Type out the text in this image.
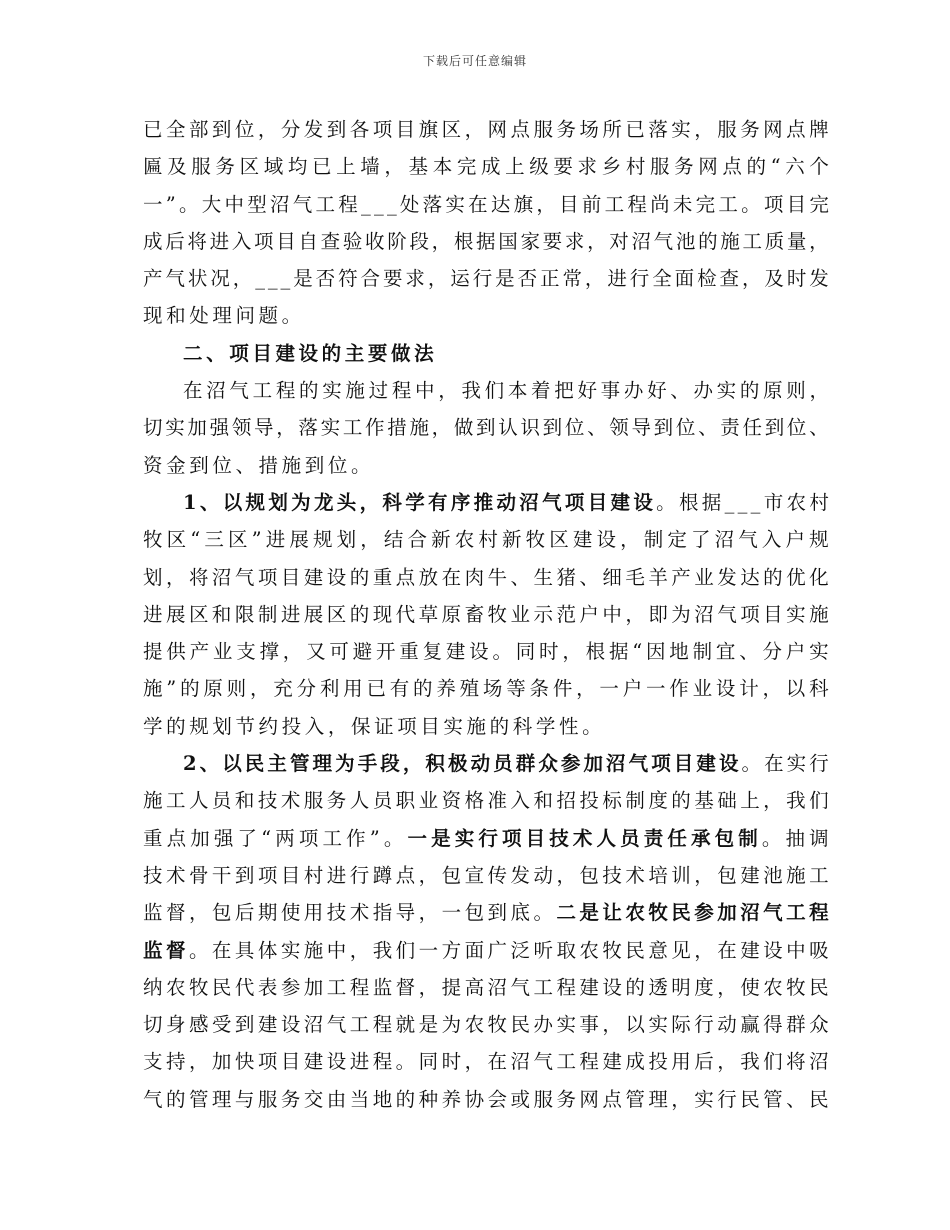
下载后可任意编辑
已 全 部 到 位 ， 分 发 到 各 项 目 旗 区 ， 网 点 服 务 场 所 已 落 实 ， 服 务 网 点 牌
匾 及 服 务 区 域 均 已 上 墙 ， 基 本 完 成 上 级 要 求 乡 村 服 务 网 点 的 “ 六 个
一 ” 。 大 中 型 沼 气 工 程 _ _ _ 处 落 实 在 达 旗 ， 目 前 工 程 尚 未 完 工 。 项 目 完
成 后 将 进 入 项 目 自 查 验 收 阶 段 ， 根 据 国 家 要 求 ， 对 沼 气 池 的 施 工 质 量 ，
产 气 状 况 ， _ _ _ 是 否 符 合 要 求 ， 运 行 是 否 正 常 ， 进 行 全 面 检 查 ， 及 时 发
现 和 处 理 问 题 。
二 、 项 目 建 设 的 主 要 做 法
在 沼 气 工 程 的 实 施 过 程 中 ， 我 们 本 着 把 好 事 办 好 、 办 实 的 原 则 ，
切 实 加 强 领 导 ， 落 实 工 作 措 施 ， 做 到 认 识 到 位 、 领 导 到 位 、 责 任 到 位 、
资 金 到 位 、 措 施 到 位 。
1 、 以 规 划 为 龙 头 ， 科 学 有 序 推 动 沼 气 项 目 建 设 。 根 据 _ _ _ 市 农 村
牧 区 “ 三 区 ” 进 展 规 划 ， 结 合 新 农 村 新 牧 区 建 设 ， 制 定 了 沼 气 入 户 规
划 ， 将 沼 气 项 目 建 设 的 重 点 放 在 肉 牛 、 生 猪 、 细 毛 羊 产 业 发 达 的 优 化
进 展 区 和 限 制 进 展 区 的 现 代 草 原 畜 牧 业 示 范 户 中 ， 即 为 沼 气 项 目 实 施
提 供 产 业 支 撑 ， 又 可 避 开 重 复 建 设 。 同 时 ， 根 据 “ 因 地 制 宜 、 分 户 实
施 ” 的 原 则 ， 充 分 利 用 已 有 的 养 殖 场 等 条 件 ， 一 户 一 作 业 设 计 ， 以 科
学 的 规 划 节 约 投 入 ， 保 证 项 目 实 施 的 科 学 性 。
2 、 以 民 主 管 理 为 手 段 ， 积 极 动 员 群 众 参 加 沼 气 项 目 建 设 。 在 实 行
施 工 人 员 和 技 术 服 务 人 员 职 业 资 格 准 入 和 招 投 标 制 度 的 基 础 上 ， 我 们
重 点 加 强 了 “ 两 项 工 作 ” 。 一 是 实 行 项 目 技 术 人 员 责 任 承 包 制 。 抽 调
技 术 骨 干 到 项 目 村 进 行 蹲 点 ， 包 宣 传 发 动 ， 包 技 术 培 训 ， 包 建 池 施 工
监 督 ， 包 后 期 使 用 技 术 指 导 ， 一 包 到 底 。 二 是 让 农 牧 民 参 加 沼 气 工 程
监 督 。 在 具 体 实 施 中 ， 我 们 一 方 面 广 泛 听 取 农 牧 民 意 见 ， 在 建 设 中 吸
纳 农 牧 民 代 表 参 加 工 程 监 督 ， 提 高 沼 气 工 程 建 设 的 透 明 度 ， 使 农 牧 民
切 身 感 受 到 建 设 沼 气 工 程 就 是 为 农 牧 民 办 实 事 ， 以 实 际 行 动 赢 得 群 众
支 持 ， 加 快 项 目 建 设 进 程 。 同 时 ， 在 沼 气 工 程 建 成 投 用 后 ， 我 们 将 沼
气 的 管 理 与 服 务 交 由 当 地 的 种 养 协 会 或 服 务 网 点 管 理 ， 实 行 民 管 、 民
